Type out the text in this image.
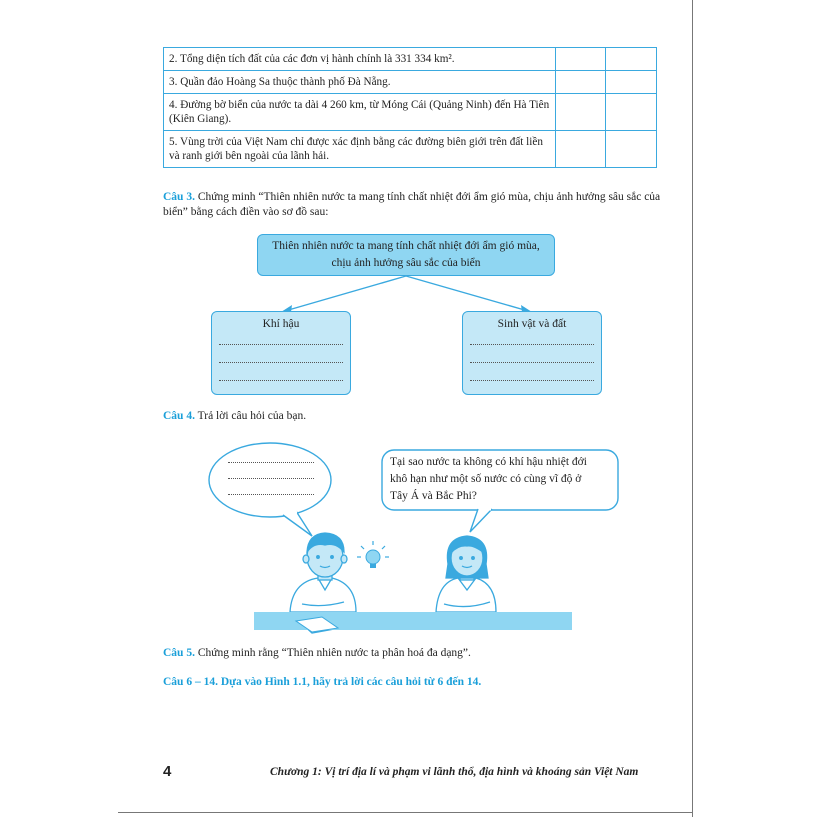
2. Tổng diện tích đất của các đơn vị hành chính là 331 334 km².		
3. Quần đảo Hoàng Sa thuộc thành phố Đà Nẵng.		
4. Đường bờ biển của nước ta dài 4 260 km, từ Móng Cái (Quảng Ninh) đến Hà Tiên (Kiên Giang).		
5. Vùng trời của Việt Nam chỉ được xác định bằng các đường biên giới trên đất liền và ranh giới bên ngoài của lãnh hải.		
Câu 3. Chứng minh “Thiên nhiên nước ta mang tính chất nhiệt đới ẩm gió mùa, chịu ảnh hưởng sâu sắc của biển” bằng cách điền vào sơ đồ sau:
Thiên nhiên nước ta mang tính chất nhiệt đới ẩm gió mùa,
chịu ảnh hưởng sâu sắc của biển
Khí hậu	Sinh vật và đất
Câu 4. Trả lời câu hỏi của bạn.
Tại sao nước ta không có khí hậu nhiệt đới
khô hạn như một số nước có cùng vĩ độ ở
Tây Á và Bắc Phi?
Câu 5. Chứng minh rằng “Thiên nhiên nước ta phân hoá đa dạng”.
Câu 6 – 14. Dựa vào Hình 1.1, hãy trả lời các câu hỏi từ 6 đến 14.
4	Chương 1: Vị trí địa lí và phạm vi lãnh thổ, địa hình và khoáng sản Việt Nam
